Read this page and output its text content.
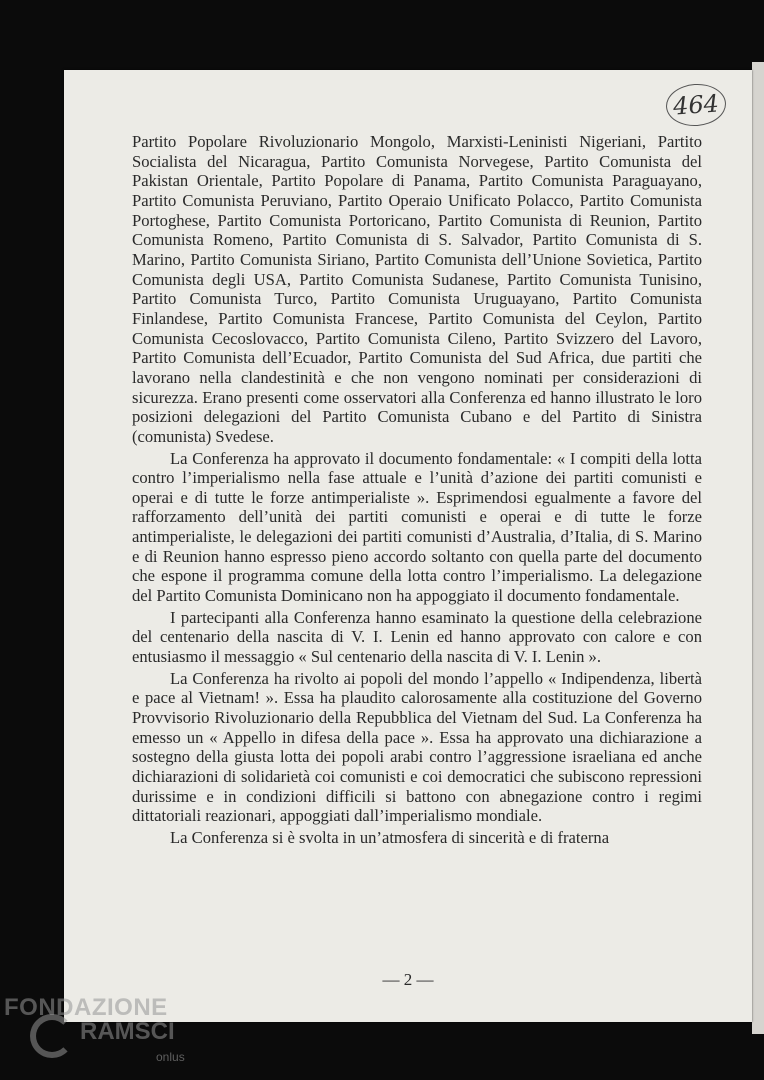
464

Partito Popolare Rivoluzionario Mongolo, Marxisti-Leninisti Nigeriani, Partito Socialista del Nicaragua, Partito Comunista Norvegese, Partito Comunista del Pakistan Orientale, Partito Popolare di Panama, Partito Comunista Paraguayano, Partito Comunista Peruviano, Partito Operaio Unificato Polacco, Partito Comunista Portoghese, Partito Comunista Portoricano, Partito Comunista di Reunion, Partito Comunista Romeno, Partito Comunista di S. Salvador, Partito Comunista di S. Marino, Partito Comunista Siriano, Partito Comunista dell’Unione Sovietica, Partito Comunista degli USA, Partito Comunista Sudanese, Partito Comunista Tunisino, Partito Comunista Turco, Partito Comunista Uruguayano, Partito Comunista Finlandese, Partito Comunista Francese, Partito Comunista del Ceylon, Partito Comunista Cecoslovacco, Partito Comunista Cileno, Partito Svizzero del Lavoro, Partito Comunista dell’Ecuador, Partito Comunista del Sud Africa, due partiti che lavorano nella clandestinità e che non vengono nominati per considerazioni di sicurezza. Erano presenti come osservatori alla Conferenza ed hanno illustrato le loro posizioni delegazioni del Partito Comunista Cubano e del Partito di Sinistra (comunista) Svedese.

La Conferenza ha approvato il documento fondamentale: « I compiti della lotta contro l’imperialismo nella fase attuale e l’unità d’azione dei partiti comunisti e operai e di tutte le forze antimperialiste ». Esprimendosi egualmente a favore del rafforzamento dell’unità dei partiti comunisti e operai e di tutte le forze antimperialiste, le delegazioni dei partiti comunisti d’Australia, d’Italia, di S. Marino e di Reunion hanno espresso pieno accordo soltanto con quella parte del documento che espone il programma comune della lotta contro l’imperialismo. La delegazione del Partito Comunista Dominicano non ha appoggiato il documento fondamentale.

I partecipanti alla Conferenza hanno esaminato la questione della celebrazione del centenario della nascita di V. I. Lenin ed hanno approvato con calore e con entusiasmo il messaggio « Sul centenario della nascita di V. I. Lenin ».

La Conferenza ha rivolto ai popoli del mondo l’appello « Indipendenza, libertà e pace al Vietnam! ». Essa ha plaudito calorosamente alla costituzione del Governo Provvisorio Rivoluzionario della Repubblica del Vietnam del Sud. La Conferenza ha emesso un « Appello in difesa della pace ». Essa ha approvato una dichiarazione a sostegno della giusta lotta dei popoli arabi contro l’aggressione israeliana ed anche dichiarazioni di solidarietà coi comunisti e coi democratici che subiscono repressioni durissime e in condizioni difficili si battono con abnegazione contro i regimi dittatoriali reazionari, appoggiati dall’imperialismo mondiale.

La Conferenza si è svolta in un’atmosfera di sincerità e di fraterna

— 2 —
FONDAZIONE
RAMSCI
onlus
